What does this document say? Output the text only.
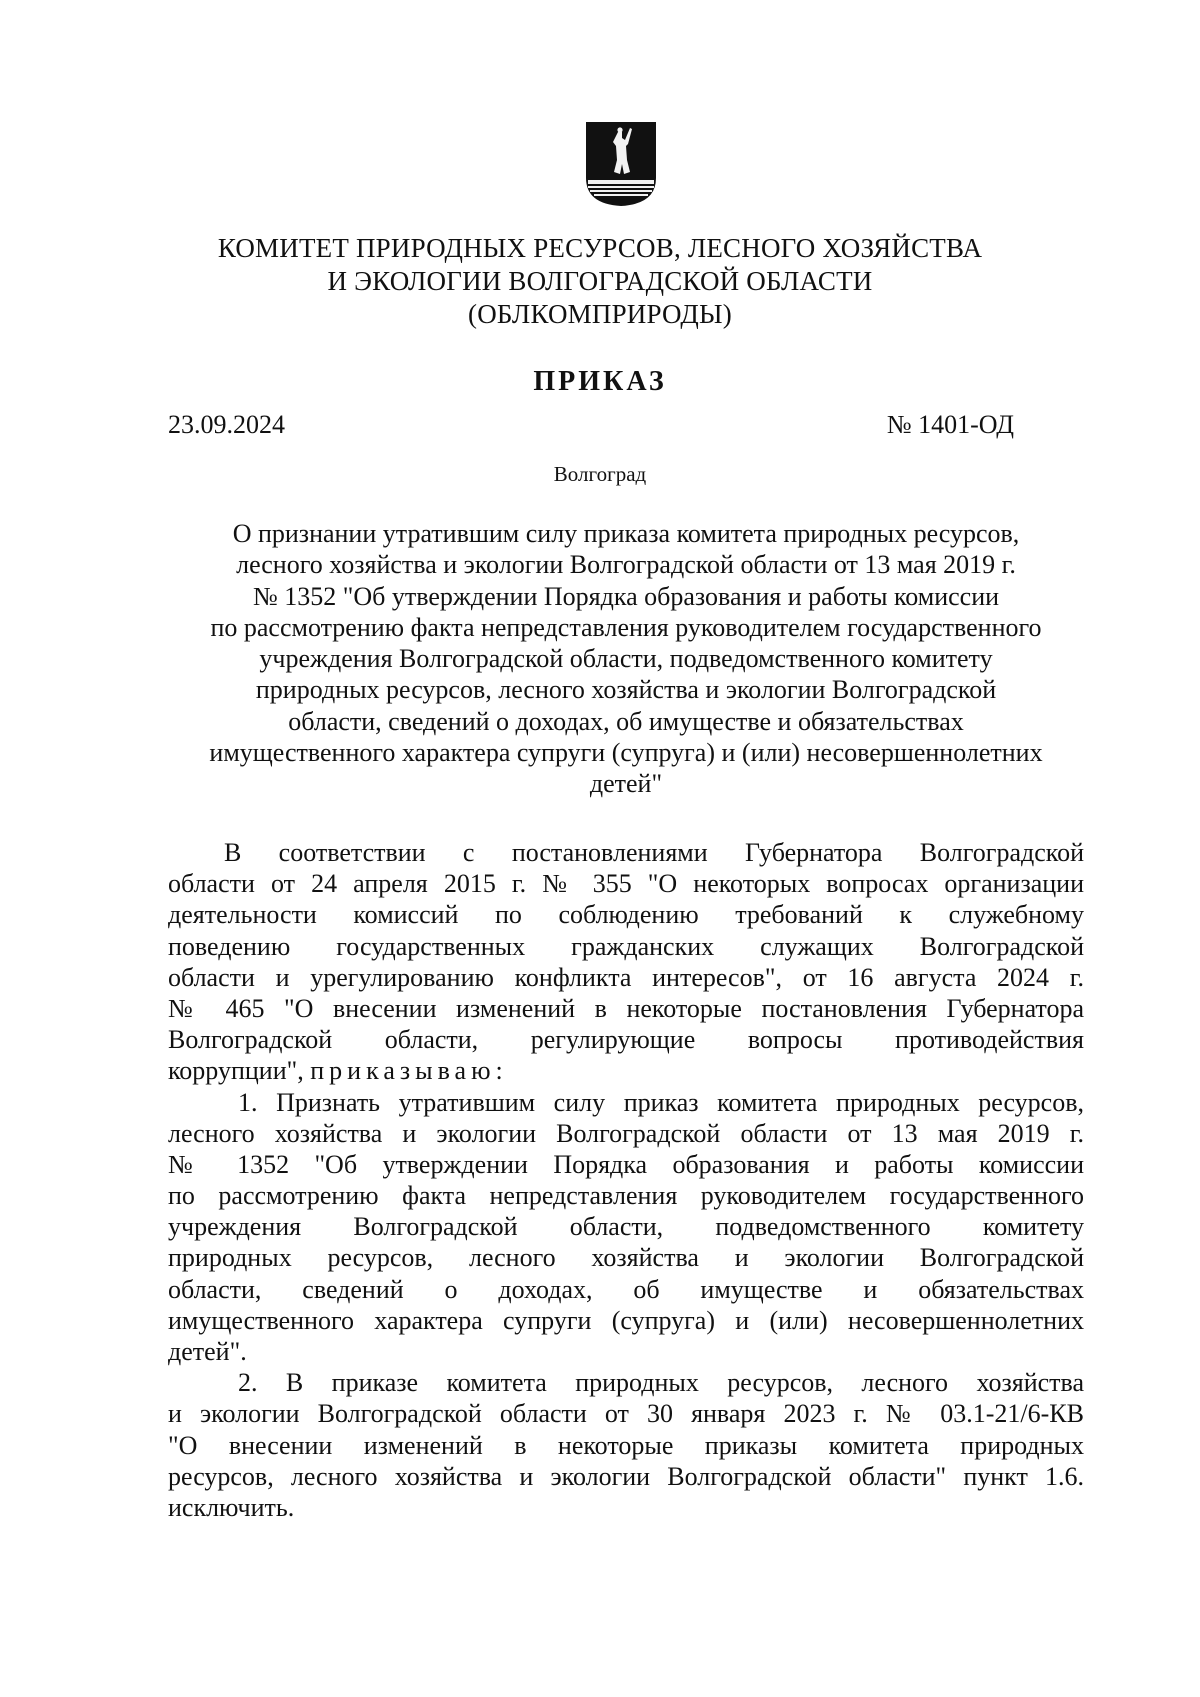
КОМИТЕТ ПРИРОДНЫХ РЕСУРСОВ, ЛЕСНОГО ХОЗЯЙСТВА
И ЭКОЛОГИИ ВОЛГОГРАДСКОЙ ОБЛАСТИ
(ОБЛКОМПРИРОДЫ)
ПРИКАЗ
23.09.2024	№ 1401-ОД
Волгоград
О признании утратившим силу приказа комитета природных ресурсов,
лесного хозяйства и экологии Волгоградской области от 13 мая 2019 г.
№ 1352 "Об утверждении Порядка образования и работы комиссии
по рассмотрению факта непредставления руководителем государственного
учреждения Волгоградской области, подведомственного комитету
природных ресурсов, лесного хозяйства и экологии Волгоградской
области, сведений о доходах, об имуществе и обязательствах
имущественного характера супруги (супруга) и (или) несовершеннолетних
детей"
В соответствии с постановлениями Губернатора Волгоградской
области от 24 апреля 2015 г. № 355 "О некоторых вопросах организации
деятельности комиссий по соблюдению требований к служебному
поведению государственных гражданских служащих Волгоградской
области и урегулированию конфликта интересов", от 16 августа 2024 г.
№ 465 "О внесении изменений в некоторые постановления Губернатора
Волгоградской области, регулирующие вопросы противодействия
коррупции", приказываю:
1. Признать утратившим силу приказ комитета природных ресурсов,
лесного хозяйства и экологии Волгоградской области от 13 мая 2019 г.
№ 1352 "Об утверждении Порядка образования и работы комиссии
по рассмотрению факта непредставления руководителем государственного
учреждения Волгоградской области, подведомственного комитету
природных ресурсов, лесного хозяйства и экологии Волгоградской
области, сведений о доходах, об имуществе и обязательствах
имущественного характера супруги (супруга) и (или) несовершеннолетних
детей".
2. В приказе комитета природных ресурсов, лесного хозяйства
и экологии Волгоградской области от 30 января 2023 г. № 03.1-21/6-КВ
"О внесении изменений в некоторые приказы комитета природных
ресурсов, лесного хозяйства и экологии Волгоградской области" пункт 1.6.
исключить.
